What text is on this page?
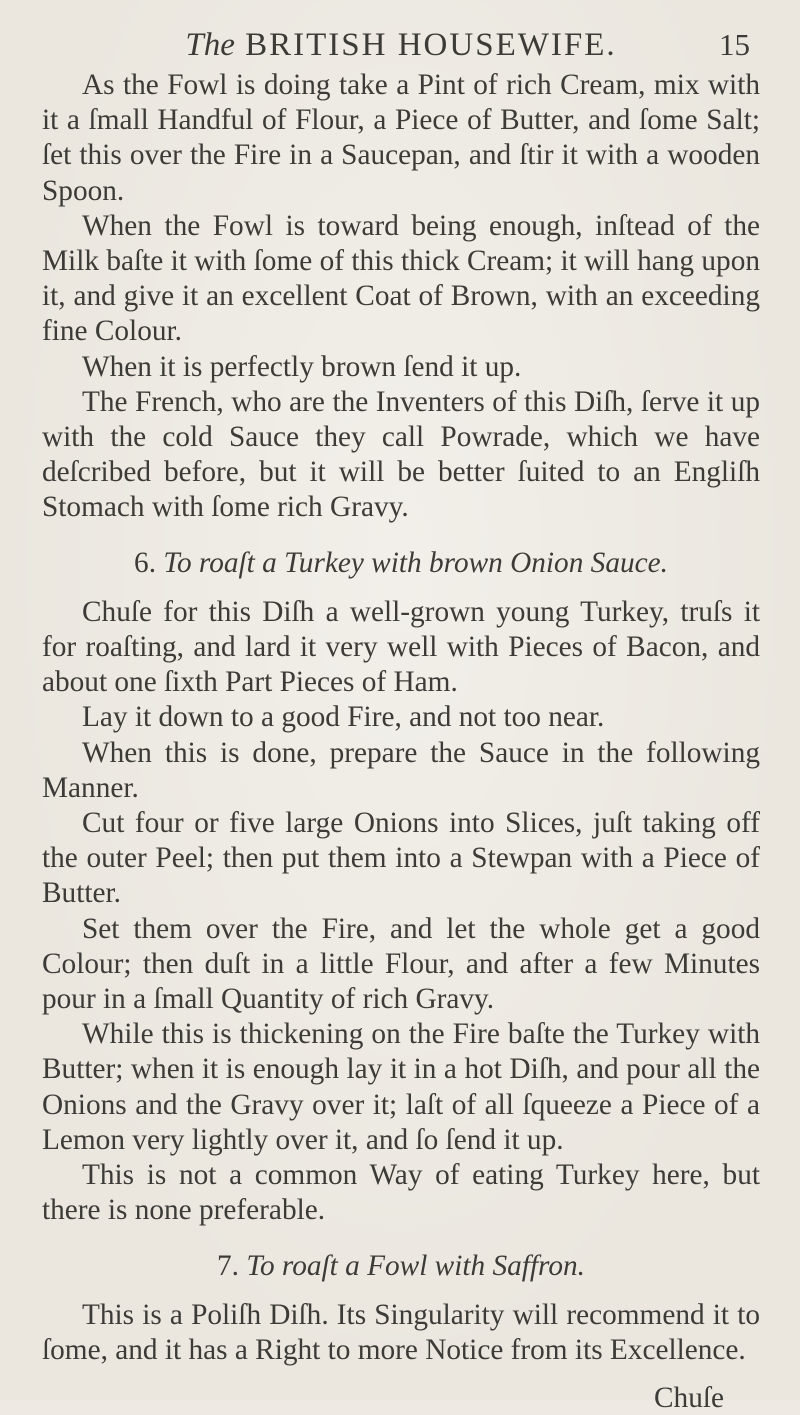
The BRITISH HOUSEWIFE.	15

As the Fowl is doing take a Pint of rich Cream, mix with it a ſmall Handful of Flour, a Piece of Butter, and ſome Salt; ſet this over the Fire in a Saucepan, and ſtir it with a wooden Spoon.

When the Fowl is toward being enough, inſtead of the Milk baſte it with ſome of this thick Cream; it will hang upon it, and give it an excellent Coat of Brown, with an exceeding fine Colour.

When it is perfectly brown ſend it up.

The French, who are the Inventers of this Diſh, ſerve it up with the cold Sauce they call Powrade, which we have deſcribed before, but it will be better ſuited to an Engliſh Stomach with ſome rich Gravy.

6. To roaſt a Turkey with brown Onion Sauce.

Chuſe for this Diſh a well-grown young Turkey, truſs it for roaſting, and lard it very well with Pieces of Bacon, and about one ſixth Part Pieces of Ham.

Lay it down to a good Fire, and not too near.

When this is done, prepare the Sauce in the following Manner.

Cut four or five large Onions into Slices, juſt taking off the outer Peel; then put them into a Stewpan with a Piece of Butter.

Set them over the Fire, and let the whole get a good Colour; then duſt in a little Flour, and after a few Minutes pour in a ſmall Quantity of rich Gravy.

While this is thickening on the Fire baſte the Turkey with Butter; when it is enough lay it in a hot Diſh, and pour all the Onions and the Gravy over it; laſt of all ſqueeze a Piece of a Lemon very lightly over it, and ſo ſend it up.

This is not a common Way of eating Turkey here, but there is none preferable.

7. To roaſt a Fowl with Saffron.

This is a Poliſh Diſh. Its Singularity will recommend it to ſome, and it has a Right to more Notice from its Excellence.

Chuſe
